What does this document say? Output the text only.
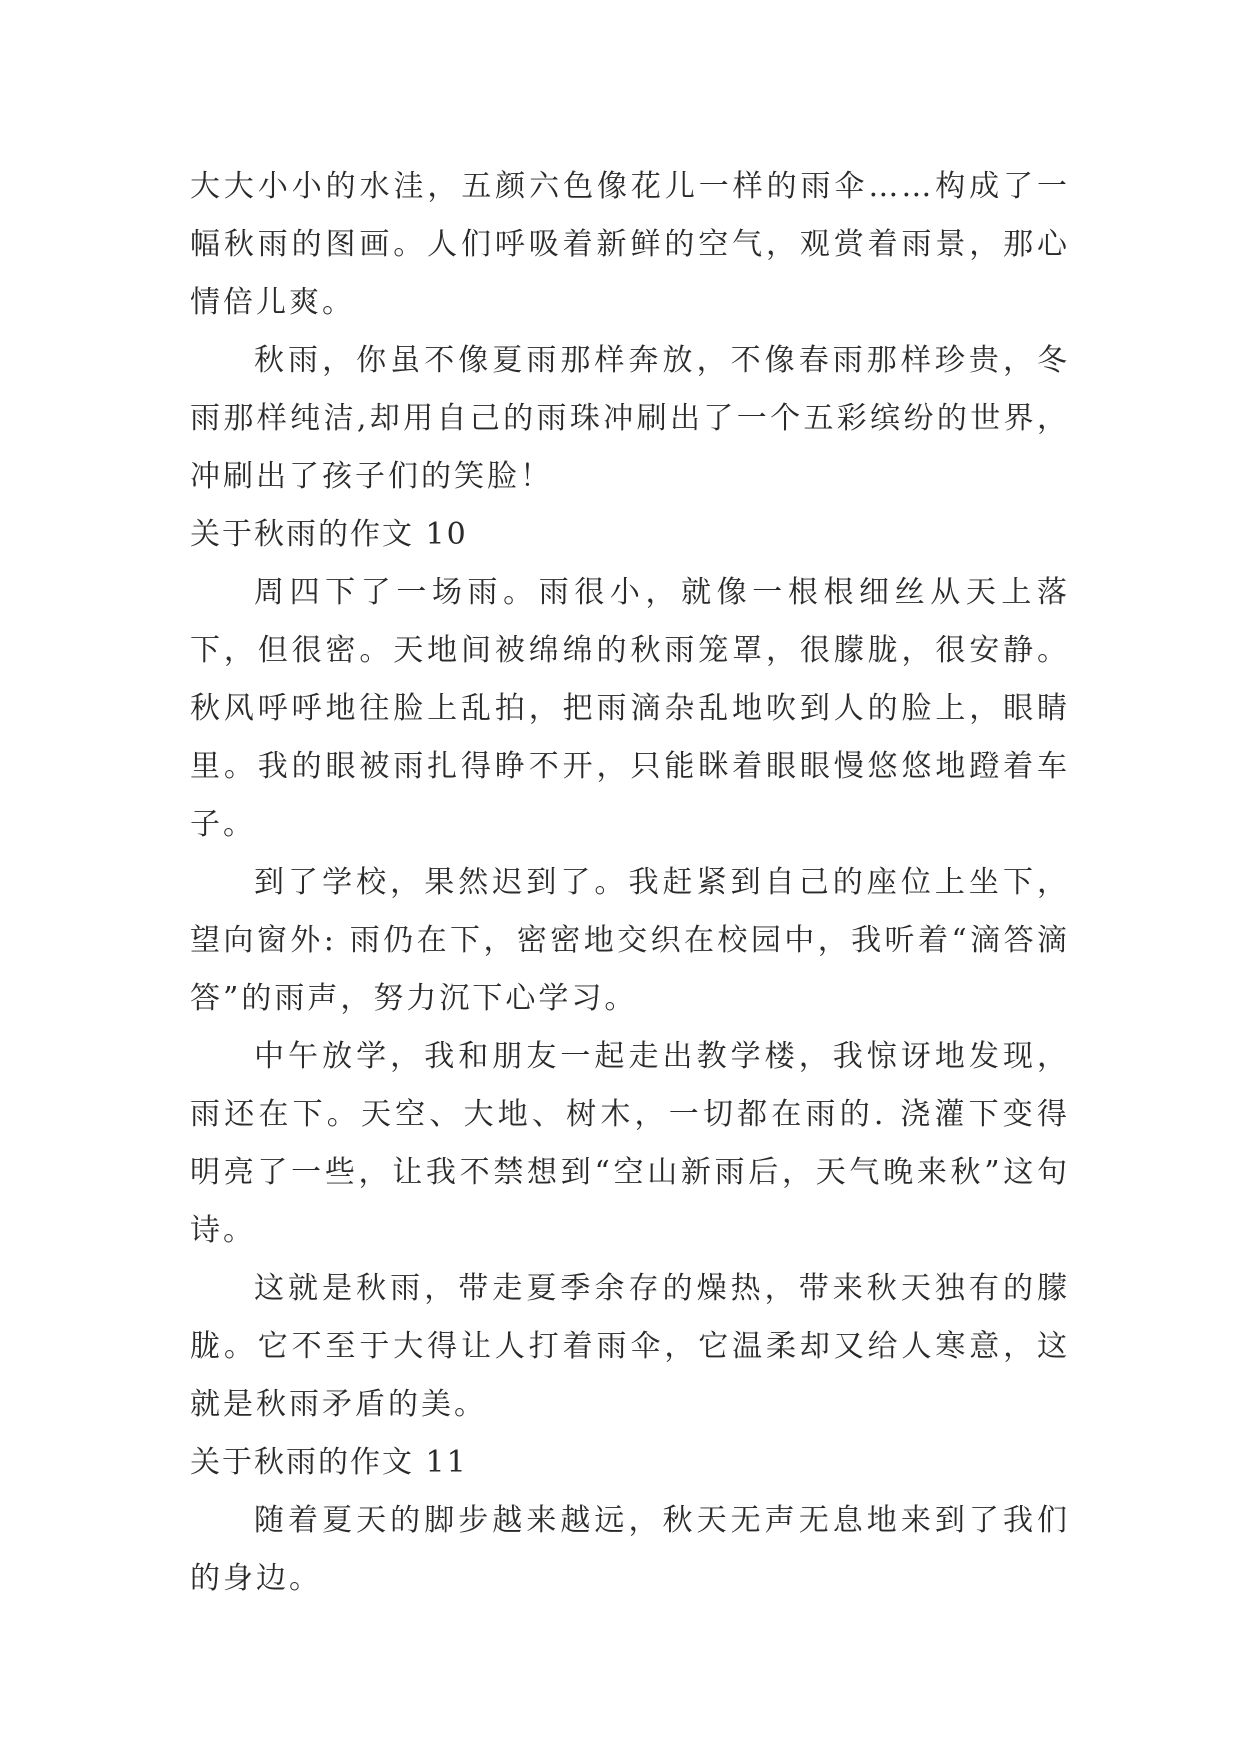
大大小小的水洼，五颜六色像花儿一样的雨伞……构成了一幅秋雨的图画。人们呼吸着新鲜的空气，观赏着雨景，那心情倍儿爽。

秋雨，你虽不像夏雨那样奔放，不像春雨那样珍贵，冬雨那样纯洁,却用自己的雨珠冲刷出了一个五彩缤纷的世界，冲刷出了孩子们的笑脸！

关于秋雨的作文 10

周四下了一场雨。雨很小，就像一根根细丝从天上落下，但很密。天地间被绵绵的秋雨笼罩，很朦胧，很安静。秋风呼呼地往脸上乱拍，把雨滴杂乱地吹到人的脸上，眼睛里。我的眼被雨扎得睁不开，只能眯着眼眼慢悠悠地蹬着车子。

到了学校，果然迟到了。我赶紧到自己的座位上坐下，望向窗外: 雨仍在下，密密地交织在校园中，我听着“滴答滴答”的雨声，努力沉下心学习。

中午放学，我和朋友一起走出教学楼，我惊讶地发现，雨还在下。天空、大地、树木，一切都在雨的. 浇灌下变得明亮了一些，让我不禁想到“空山新雨后，天气晚来秋”这句诗。

这就是秋雨，带走夏季余存的燥热，带来秋天独有的朦胧。它不至于大得让人打着雨伞，它温柔却又给人寒意，这就是秋雨矛盾的美。

关于秋雨的作文 11

随着夏天的脚步越来越远，秋天无声无息地来到了我们的身边。
